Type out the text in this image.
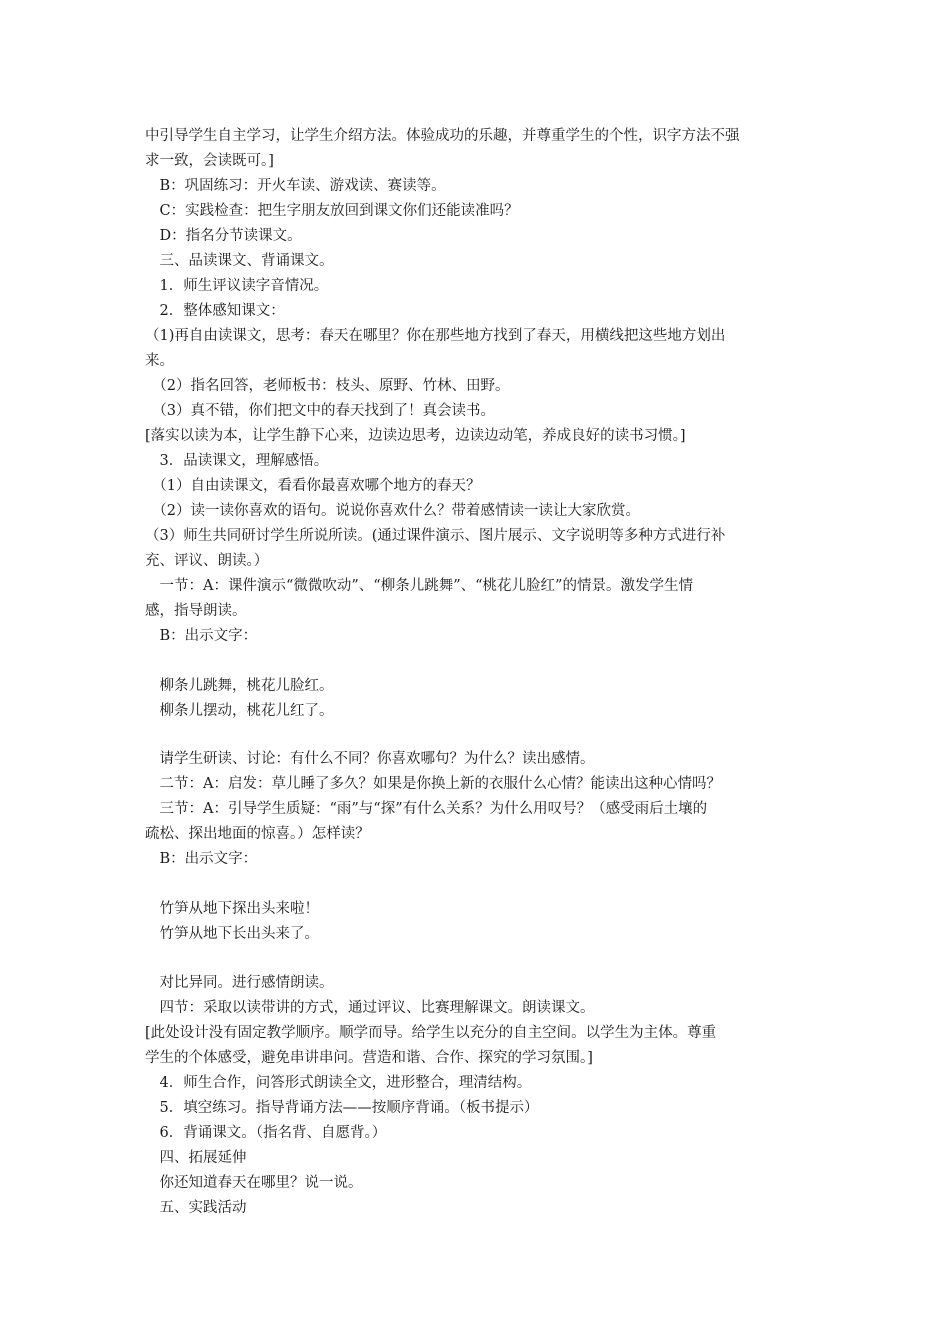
中引导学生自主学习，让学生介绍方法。体验成功的乐趣，并尊重学生的个性，识字方法不强
求一致，会读既可。]
　B：巩固练习：开火车读、游戏读、赛读等。
　C：实践检查：把生字朋友放回到课文你们还能读准吗？
　D：指名分节读课文。
　三、品读课文、背诵课文。
　1．师生评议读字音情况。
　2．整体感知课文：
（1)再自由读课文，思考：春天在哪里？你在那些地方找到了春天，用横线把这些地方划出
来。
　（2）指名回答，老师板书：枝头、原野、竹林、田野。
　（3）真不错，你们把文中的春天找到了！真会读书。
[落实以读为本，让学生静下心来，边读边思考，边读边动笔，养成良好的读书习惯。]
　3．品读课文，理解感悟。
　（1）自由读课文，看看你最喜欢哪个地方的春天？
　（2）读一读你喜欢的语句。说说你喜欢什么？带着感情读一读让大家欣赏。
（3）师生共同研讨学生所说所读。(通过课件演示、图片展示、文字说明等多种方式进行补
充、评议、朗读。）
　一节：A：课件演示“微微吹动”、“柳条儿跳舞”、“桃花儿脸红”的情景。激发学生情
感，指导朗读。
　B：出示文字：
　柳条儿跳舞，桃花儿脸红。
　柳条儿摆动，桃花儿红了。
　请学生研读、讨论：有什么不同？你喜欢哪句？为什么？读出感情。
　二节：A：启发：草儿睡了多久？如果是你换上新的衣服什么心情？能读出这种心情吗？
　三节：A：引导学生质疑：“雨”与“探”有什么关系？为什么用叹号？（感受雨后土壤的
疏松、探出地面的惊喜。）怎样读？
　B：出示文字：
　竹笋从地下探出头来啦！
　竹笋从地下长出头来了。
　对比异同。进行感情朗读。
　四节：采取以读带讲的方式，通过评议、比赛理解课文。朗读课文。
[此处设计没有固定教学顺序。顺学而导。给学生以充分的自主空间。以学生为主体。尊重
学生的个体感受，避免串讲串问。营造和谐、合作、探究的学习氛围。]
　4．师生合作，问答形式朗读全文，进形整合，理清结构。
　5．填空练习。指导背诵方法——按顺序背诵。（板书提示）
　6．背诵课文。（指名背、自愿背。）
　四、拓展延伸
　你还知道春天在哪里？说一说。
　五、实践活动
